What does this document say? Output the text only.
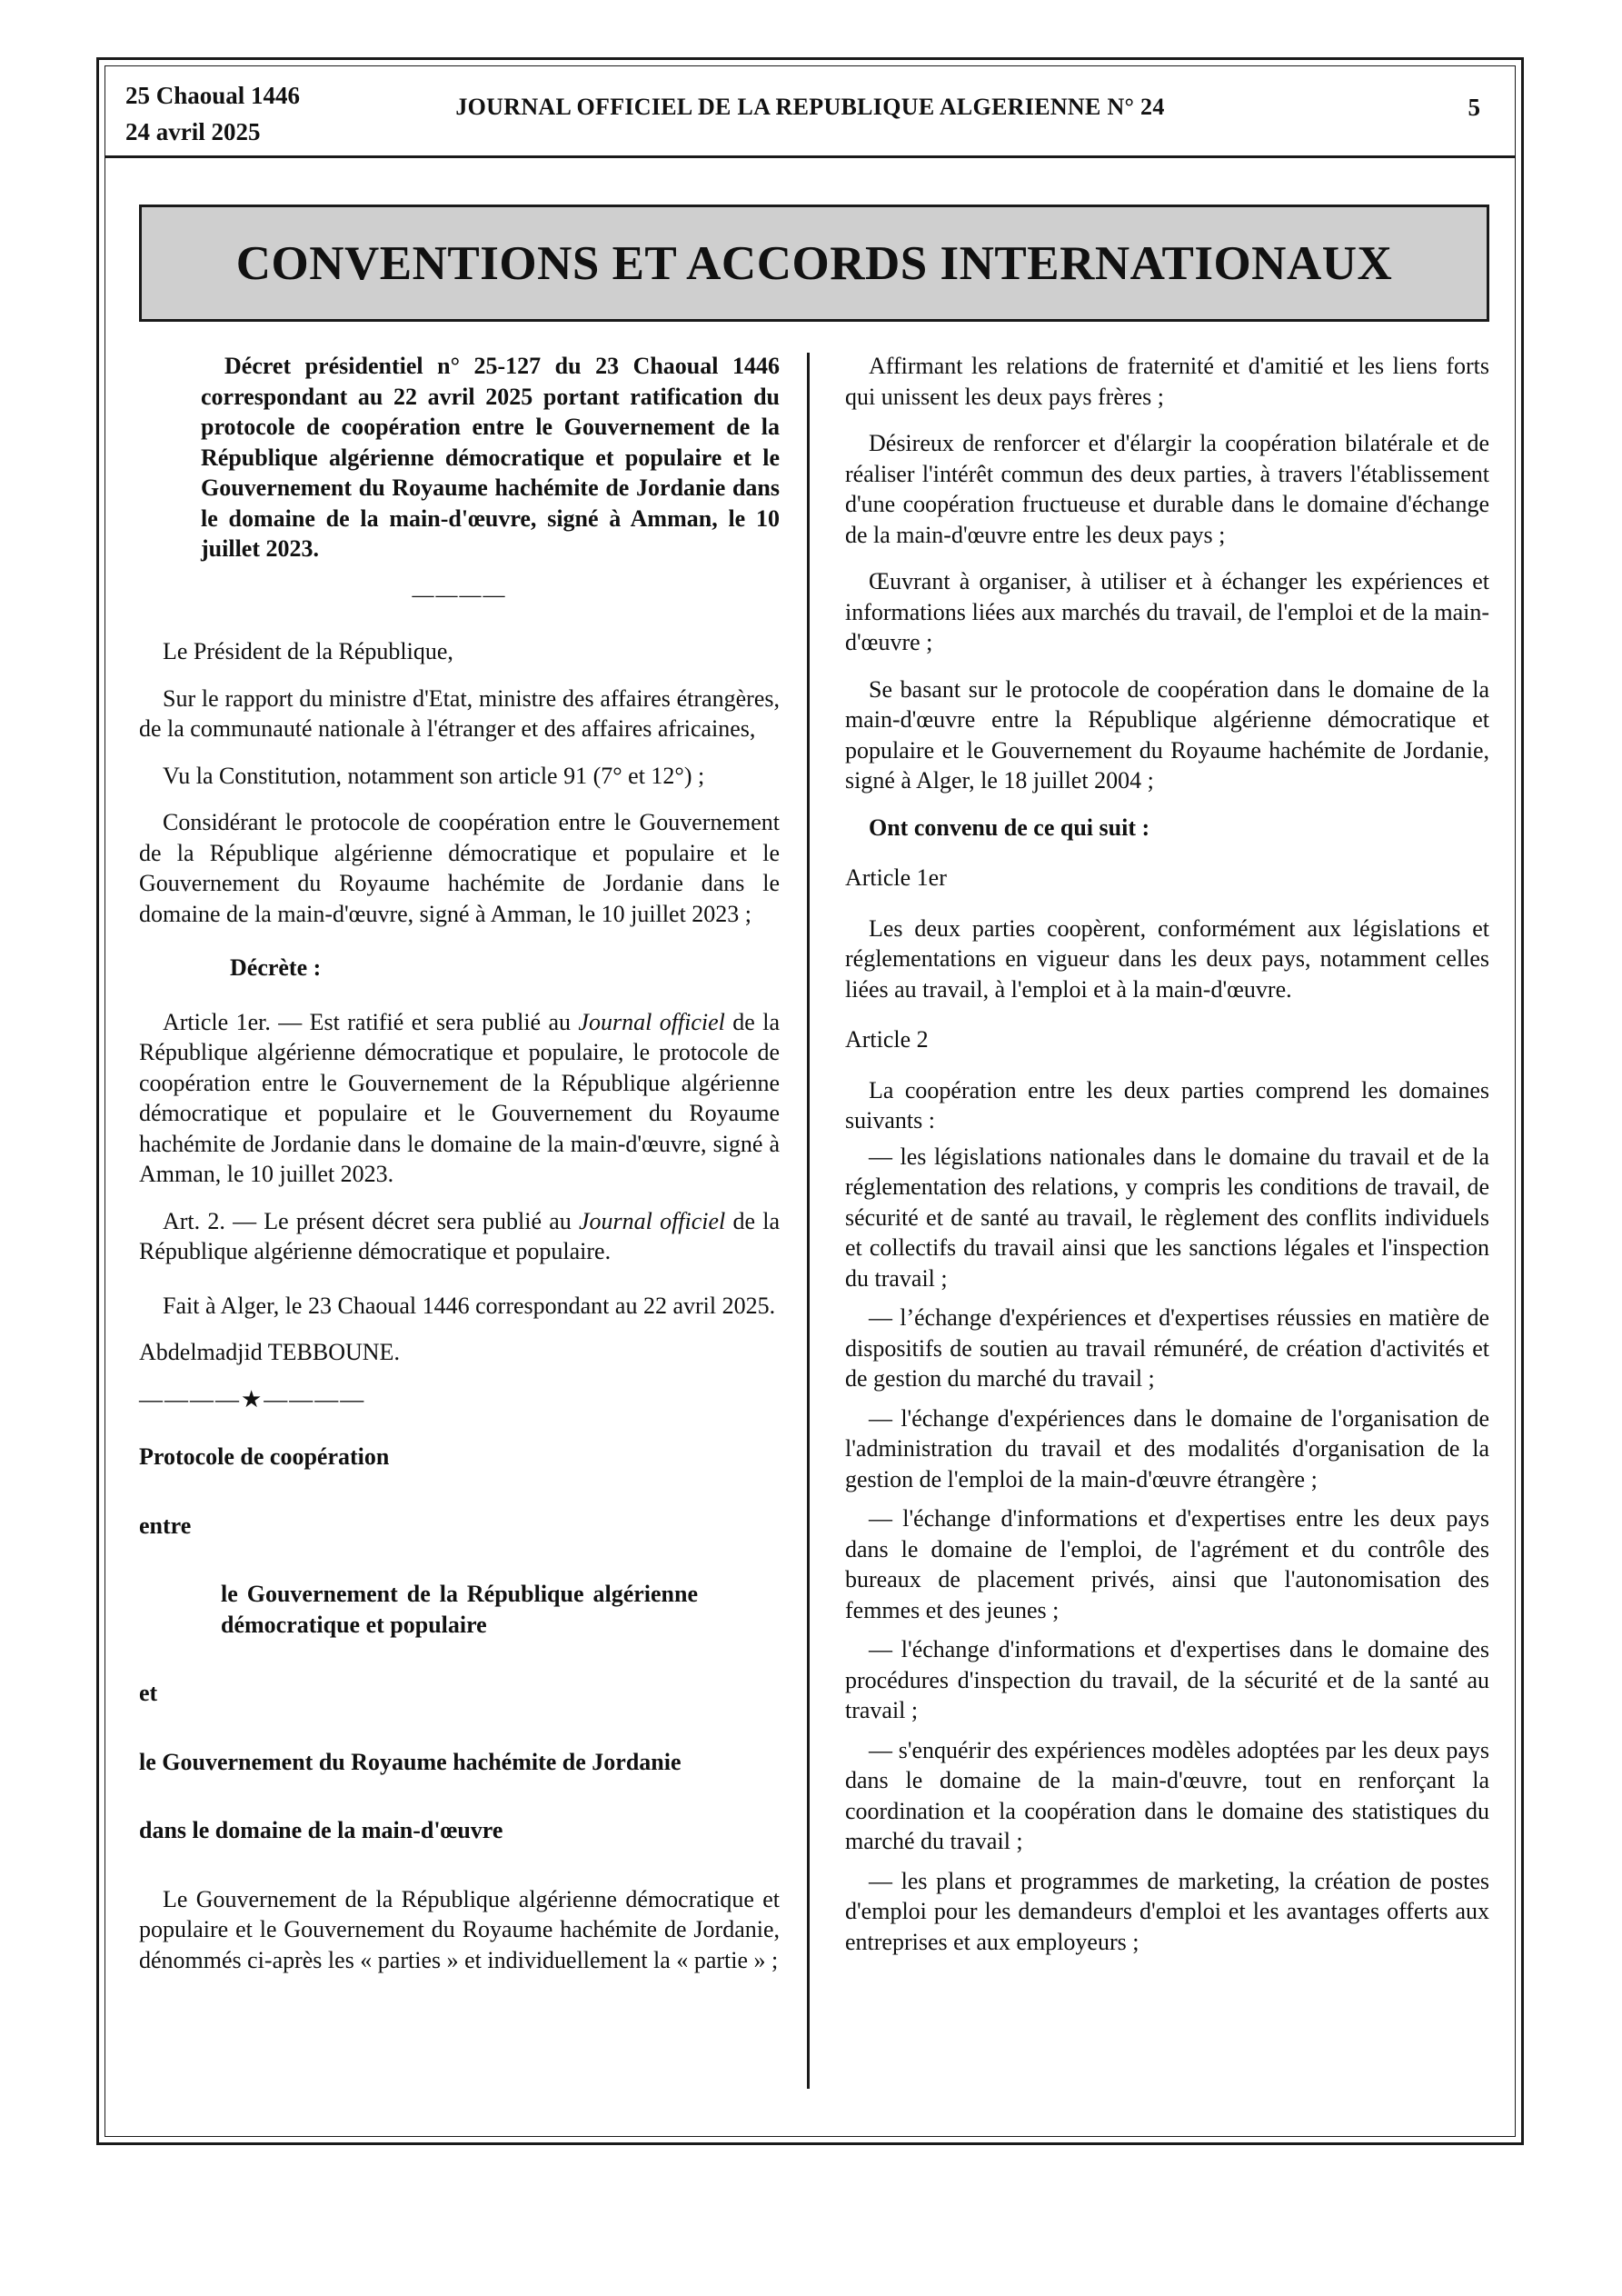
25 Chaoual 1446
24 avril 2025
JOURNAL OFFICIEL DE LA REPUBLIQUE ALGERIENNE N° 24	5
CONVENTIONS ET ACCORDS INTERNATIONAUX

Décret présidentiel n° 25-127 du 23 Chaoual 1446 correspondant au 22 avril 2025 portant ratification du protocole de coopération entre le Gouvernement de la République algérienne démocratique et populaire et le Gouvernement du Royaume hachémite de Jordanie dans le domaine de la main-d'œuvre, signé à Amman, le 10 juillet 2023.

————

Le Président de la République,

Sur le rapport du ministre d'Etat, ministre des affaires étrangères, de la communauté nationale à l'étranger et des affaires africaines,

Vu la Constitution, notamment son article 91 (7° et 12°) ;

Considérant le protocole de coopération entre le Gouvernement de la République algérienne démocratique et populaire et le Gouvernement du Royaume hachémite de Jordanie dans le domaine de la main-d'œuvre, signé à Amman, le 10 juillet 2023 ;

Décrète :

Article 1er. — Est ratifié et sera publié au Journal officiel de la République algérienne démocratique et populaire, le protocole de coopération entre le Gouvernement de la République algérienne démocratique et populaire et le Gouvernement du Royaume hachémite de Jordanie dans le domaine de la main-d'œuvre, signé à Amman, le 10 juillet 2023.

Art. 2. — Le présent décret sera publié au Journal officiel de la République algérienne démocratique et populaire.

Fait à Alger, le 23 Chaoual 1446 correspondant au 22 avril 2025.

Abdelmadjid TEBBOUNE.

————★————

Protocole de coopération

entre

le Gouvernement de la République algérienne démocratique et populaire

et

le Gouvernement du Royaume hachémite de Jordanie

dans le domaine de la main-d'œuvre

Le Gouvernement de la République algérienne démocratique et populaire et le Gouvernement du Royaume hachémite de Jordanie, dénommés ci-après les « parties » et individuellement la « partie » ;

Affirmant les relations de fraternité et d'amitié et les liens forts qui unissent les deux pays frères ;

Désireux de renforcer et d'élargir la coopération bilatérale et de réaliser l'intérêt commun des deux parties, à travers l'établissement d'une coopération fructueuse et durable dans le domaine d'échange de la main-d'œuvre entre les deux pays ;

Œuvrant à organiser, à utiliser et à échanger les expériences et informations liées aux marchés du travail, de l'emploi et de la main-d'œuvre ;

Se basant sur le protocole de coopération dans le domaine de la main-d'œuvre entre la République algérienne démocratique et populaire et le Gouvernement du Royaume hachémite de Jordanie, signé à Alger, le 18 juillet 2004 ;

Ont convenu de ce qui suit :

Article 1er

Les deux parties coopèrent, conformément aux législations et réglementations en vigueur dans les deux pays, notamment celles liées au travail, à l'emploi et à la main-d'œuvre.

Article 2

La coopération entre les deux parties comprend les domaines suivants :

— les législations nationales dans le domaine du travail et de la réglementation des relations, y compris les conditions de travail, de sécurité et de santé au travail, le règlement des conflits individuels et collectifs du travail ainsi que les sanctions légales et l'inspection du travail ;

— l’échange d'expériences et d'expertises réussies en matière de dispositifs de soutien au travail rémunéré, de création d'activités et de gestion du marché du travail ;

— l'échange d'expériences dans le domaine de l'organisation de l'administration du travail et des modalités d'organisation de la gestion de l'emploi de la main-d'œuvre étrangère ;

— l'échange d'informations et d'expertises entre les deux pays dans le domaine de l'emploi, de l'agrément et du contrôle des bureaux de placement privés, ainsi que l'autonomisation des femmes et des jeunes ;

— l'échange d'informations et d'expertises dans le domaine des procédures d'inspection du travail, de la sécurité et de la santé au travail ;

— s'enquérir des expériences modèles adoptées par les deux pays dans le domaine de la main-d'œuvre, tout en renforçant la coordination et la coopération dans le domaine des statistiques du marché du travail ;

— les plans et programmes de marketing, la création de postes d'emploi pour les demandeurs d'emploi et les avantages offerts aux entreprises et aux employeurs ;
